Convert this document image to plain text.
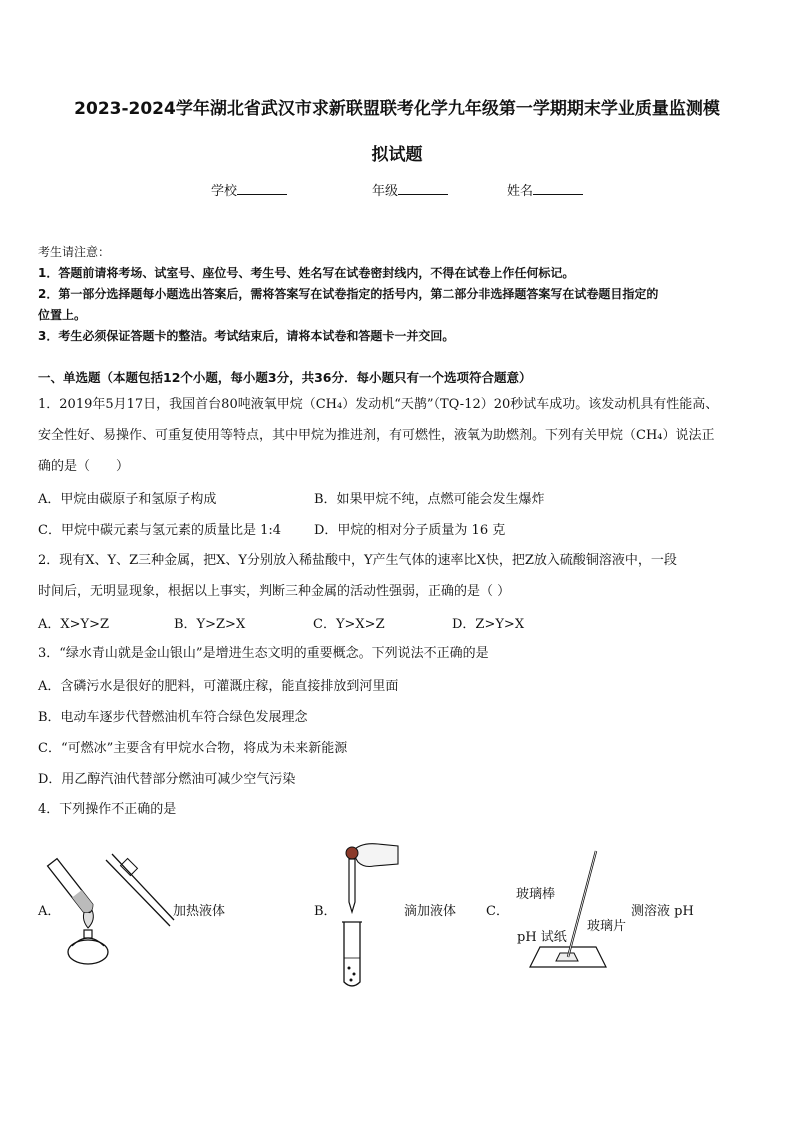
2023-2024学年湖北省武汉市求新联盟联考化学九年级第一学期期末学业质量监测模
拟试题
学校	年级	姓名
考生请注意：
1．答题前请将考场、试室号、座位号、考生号、姓名写在试卷密封线内，不得在试卷上作任何标记。
2．第一部分选择题每小题选出答案后，需将答案写在试卷指定的括号内，第二部分非选择题答案写在试卷题目指定的
位置上。
3．考生必须保证答题卡的整洁。考试结束后，请将本试卷和答题卡一并交回。
一、单选题（本题包括12个小题，每小题3分，共36分．每小题只有一个选项符合题意）
1．2019年5月17日，我国首台80吨液氧甲烷（CH₄）发动机“天鹊”（TQ-12）20秒试车成功。该发动机具有性能高、
安全性好、易操作、可重复使用等特点，其中甲烷为推进剂，有可燃性，液氧为助燃剂。下列有关甲烷（CH₄）说法正
确的是（　　）
A．甲烷由碳原子和氢原子构成	B．如果甲烷不纯，点燃可能会发生爆炸
C．甲烷中碳元素与氢元素的质量比是 1:4	D．甲烷的相对分子质量为 16 克
2．现有X、Y、Z三种金属，把X、Y分别放入稀盐酸中，Y产生气体的速率比X快，把Z放入硫酸铜溶液中，一段
时间后，无明显现象，根据以上事实，判断三种金属的活动性强弱，正确的是（ ）
A．X>Y>Z	B．Y>Z>X	C．Y>X>Z	D．Z>Y>X
3．“绿水青山就是金山银山”是增进生态文明的重要概念。下列说法不正确的是
A．含磷污水是很好的肥料，可灌溉庄稼，能直接排放到河里面
B．电动车逐步代替燃油机车符合绿色发展理念
C．“可燃冰”主要含有甲烷水合物，将成为未来新能源
D．用乙醇汽油代替部分燃油可减少空气污染
4．下列操作不正确的是
A．	加热液体	B．	滴加液体 C．
玻璃棒
pH 试纸
玻璃片
测溶液 pH
